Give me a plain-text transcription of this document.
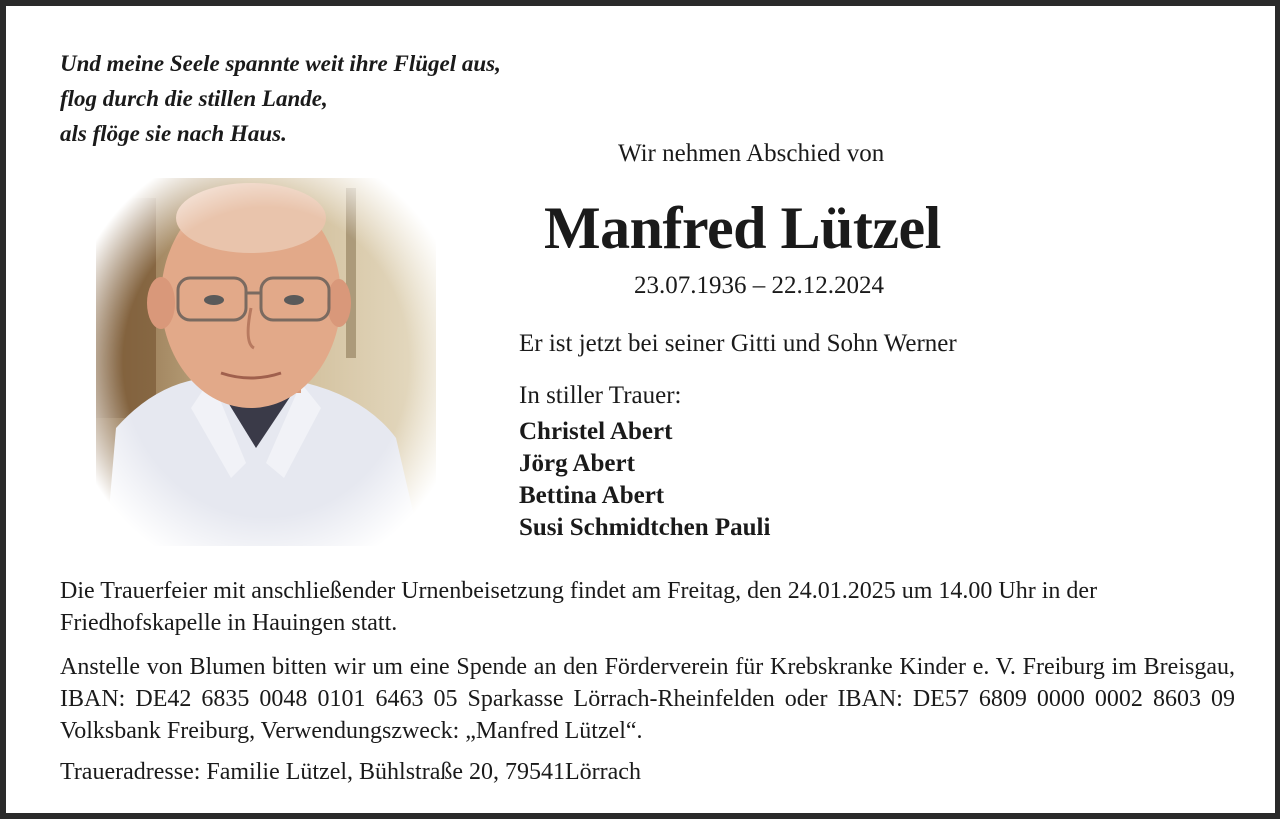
Und meine Seele spannte weit ihre Flügel aus,
flog durch die stillen Lande,
als flöge sie nach Haus.
Wir nehmen Abschied von
Manfred Lützel
23.07.1936 – 22.12.2024
Er ist jetzt bei seiner Gitti und Sohn Werner
In stiller Trauer:
Christel Abert
Jörg Abert
Bettina Abert
Susi Schmidtchen Pauli
Die Trauerfeier mit anschließender Urnenbeisetzung findet am Freitag, den 24.01.2025 um 14.00 Uhr in der Friedhofskapelle in Hauingen statt.
Anstelle von Blumen bitten wir um eine Spende an den Förderverein für Krebskranke Kinder e. V. Freiburg im Breisgau, IBAN: DE42 6835 0048 0101 6463 05 Sparkasse Lörrach-Rheinfelden oder IBAN: DE57 6809 0000 0002 8603 09 Volksbank Freiburg, Verwendungszweck: „Manfred Lützel“.
Traueradresse: Familie Lützel, Bühlstraße 20, 79541Lörrach
